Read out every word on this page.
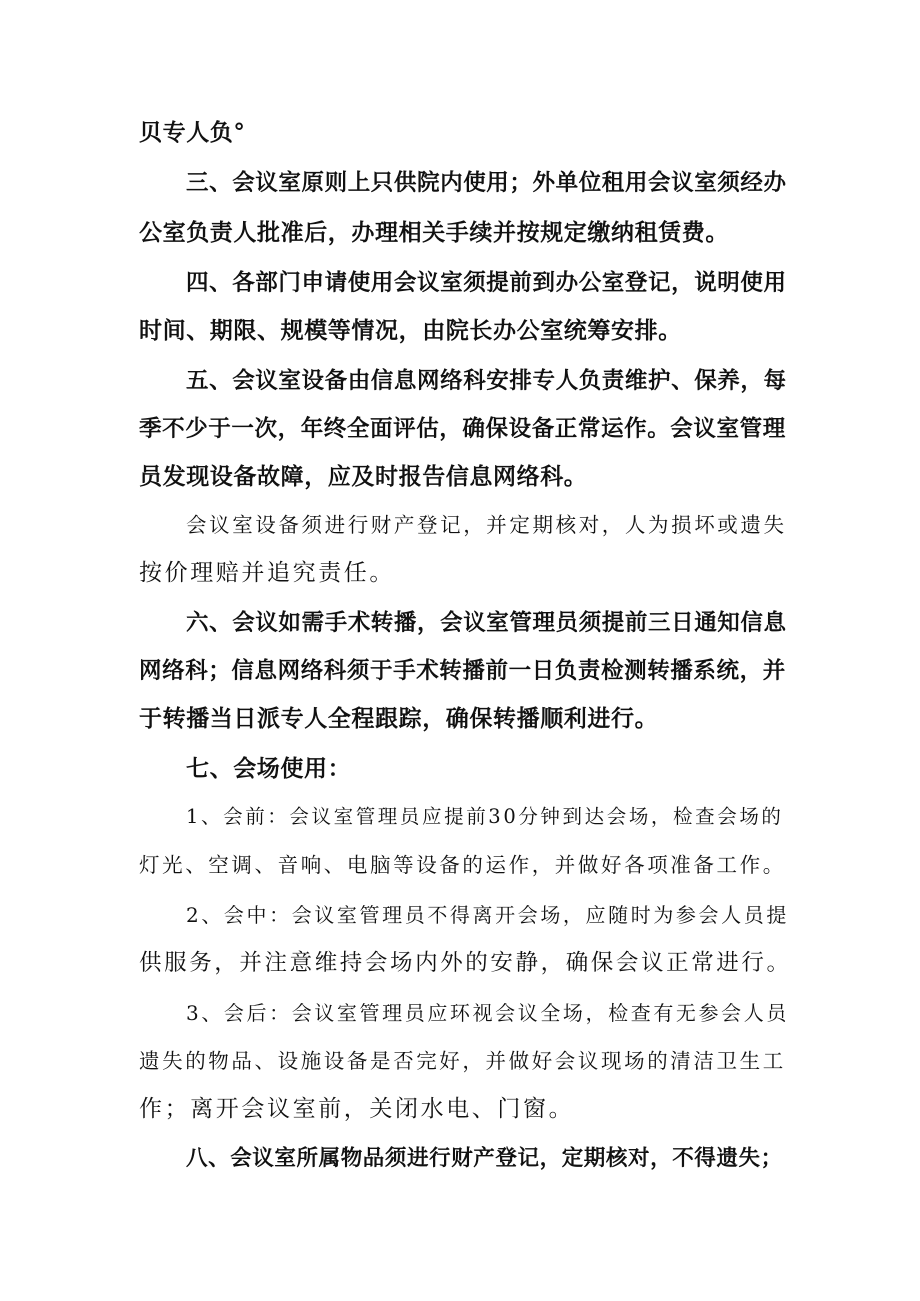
贝专人负°
三、会议室原则上只供院内使用；外单位租用会议室须经办
公室负责人批准后，办理相关手续并按规定缴纳租赁费。
四、各部门申请使用会议室须提前到办公室登记，说明使用
时间、期限、规模等情况，由院长办公室统筹安排。
五、会议室设备由信息网络科安排专人负责维护、保养，每
季不少于一次，年终全面评估，确保设备正常运作。会议室管理
员发现设备故障，应及时报告信息网络科。
会议室设备须进行财产登记，并定期核对，人为损坏或遗失
按价理赔并追究责任。
六、会议如需手术转播，会议室管理员须提前三日通知信息
网络科；信息网络科须于手术转播前一日负责检测转播系统，并
于转播当日派专人全程跟踪，确保转播顺利进行。
七、会场使用：
1、会前：会议室管理员应提前30分钟到达会场，检查会场的
灯光、空调、音响、电脑等设备的运作，并做好各项准备工作。
2、会中：会议室管理员不得离开会场，应随时为参会人员提
供服务，并注意维持会场内外的安静，确保会议正常进行。
3、会后：会议室管理员应环视会议全场，检查有无参会人员
遗失的物品、设施设备是否完好，并做好会议现场的清洁卫生工
作；离开会议室前，关闭水电、门窗。
八、会议室所属物品须进行财产登记，定期核对，不得遗失；
